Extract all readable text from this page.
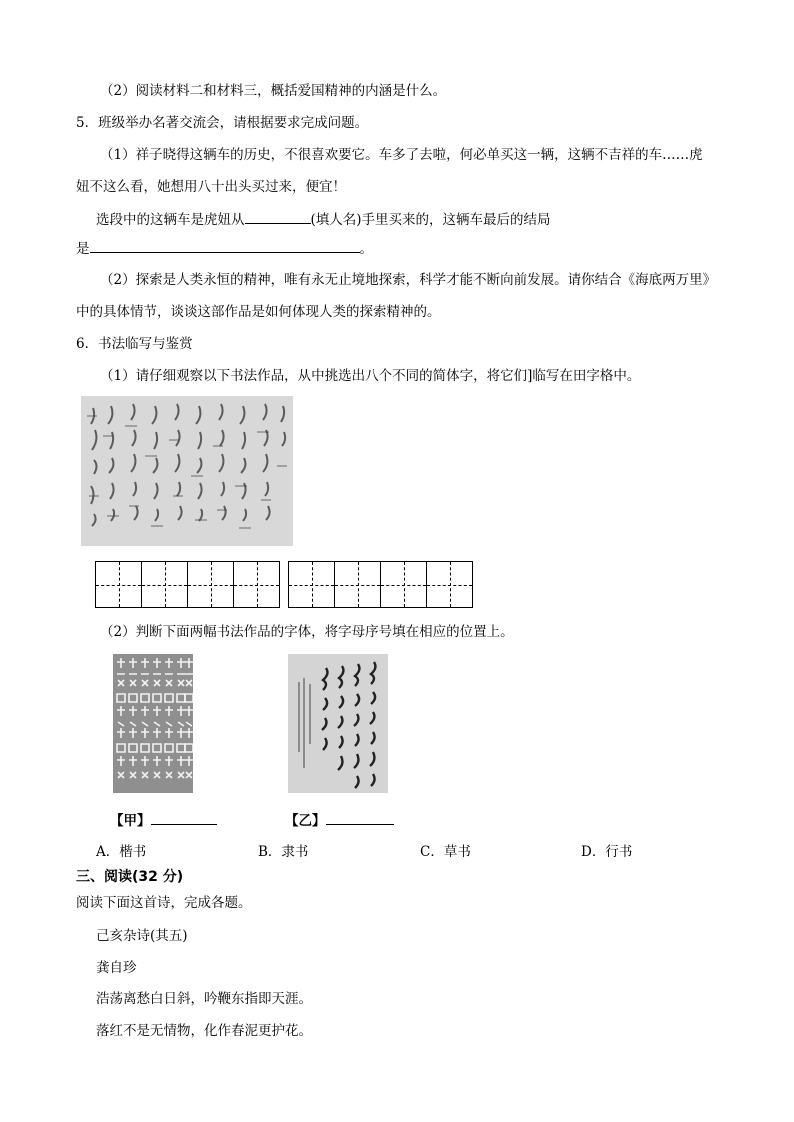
（2）阅读材料二和材料三，概括爱国精神的内涵是什么。
5．班级举办名著交流会，请根据要求完成问题。
（1）祥子晓得这辆车的历史，不很喜欢要它。车多了去啦，何必单买这一辆，这辆不吉祥的车……虎
妞不这么看，她想用八十出头买过来，便宜！
选段中的这辆车是虎妞从	(填人名)手里买来的，这辆车最后的结局
是	。
（2）探索是人类永恒的精神，唯有永无止境地探索，科学才能不断向前发展。请你结合《海底两万里》
中的具体情节，谈谈这部作品是如何体现人类的探索精神的。
6．书法临写与鉴赏
（1）请仔细观察以下书法作品，从中挑选出八个不同的简体字，将它们]临写在田字格中。
（2）判断下面两幅书法作品的字体，将字母序号填在相应的位置上。
【甲】	【乙】
A．楷书	B．隶书	C．草书	D．行书
三、阅读(32 分)
阅读下面这首诗，完成各题。
己亥杂诗(其五)
龚自珍
浩荡离愁白日斜，吟鞭东指即天涯。
落红不是无情物，化作春泥更护花。
